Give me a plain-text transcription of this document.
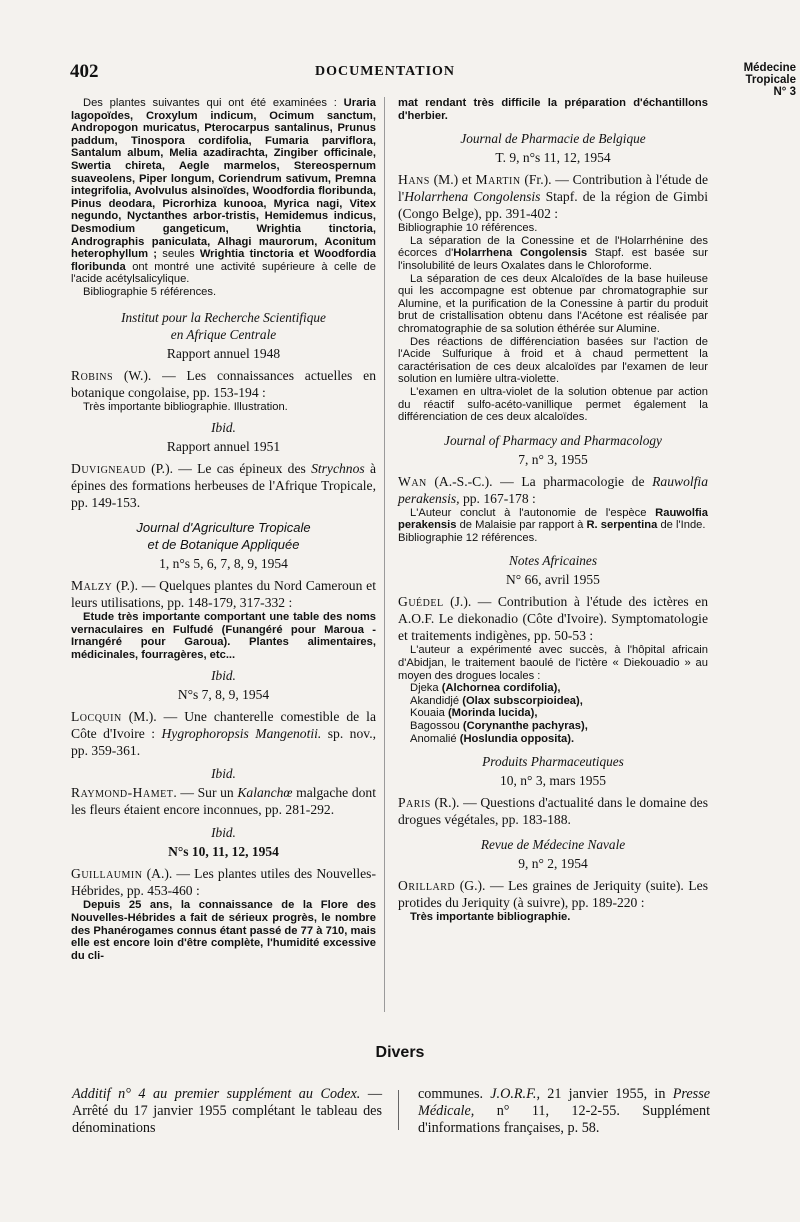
402	DOCUMENTATION	Médecine
Tropicale
N° 3

Des plantes suivantes qui ont été examinées : Uraria lagopoïdes, Croxylum indicum, Ocimum sanctum, Andropogon muricatus, Pterocarpus santalinus, Prunus paddum, Tinospora cordifolia, Fumaria parviflora, Santalum album, Melia azadirachta, Zingiber officinale, Swertia chireta, Aegle marmelos, Stereospernum suaveolens, Piper longum, Coriendrum sativum, Premna integrifolia, Avolvulus alsinoïdes, Woodfordia floribunda, Pinus deodara, Picrorhiza kunooa, Myrica nagi, Vitex negundo, Nyctanthes arbor-tristis, Hemidemus indicus, Desmodium gangeticum, Wrightia tinctoria, Andrographis paniculata, Alhagi maurorum, Aconitum heterophyllum ; seules Wrightia tinctoria et Woodfordia floribunda ont montré une activité supérieure à celle de l'acide acétylsalicylique.

Bibliographie 5 références.

Institut pour la Recherche Scientifique
en Afrique Centrale
Rapport annuel 1948

Robins (W.). — Les connaissances actuelles en botanique congolaise, pp. 153-194 :

Très importante bibliographie. Illustration.

Ibid.
Rapport annuel 1951

Duvigneaud (P.). — Le cas épineux des Strychnos à épines des formations herbeuses de l'Afrique Tropicale, pp. 149-153.

Journal d'Agriculture Tropicale
et de Botanique Appliquée
1, n°s 5, 6, 7, 8, 9, 1954

Malzy (P.). — Quelques plantes du Nord Cameroun et leurs utilisations, pp. 148-179, 317-332 :

Etude très importante comportant une table des noms vernaculaires en Fulfudé (Funangéré pour Maroua - Irnangéré pour Garoua). Plantes alimentaires, médicinales, fourragères, etc...

Ibid.
N°s 7, 8, 9, 1954

Locquin (M.). — Une chanterelle comestible de la Côte d'Ivoire : Hygrophoropsis Mangenotii. sp. nov., pp. 359-361.

Ibid.

Raymond-Hamet. — Sur un Kalanchœ malgache dont les fleurs étaient encore inconnues, pp. 281-292.

Ibid.
N°s 10, 11, 12, 1954

Guillaumin (A.). — Les plantes utiles des Nouvelles-Hébrides, pp. 453-460 :

Depuis 25 ans, la connaissance de la Flore des Nouvelles-Hébrides a fait de sérieux progrès, le nombre des Phanérogames connus étant passé de 77 à 710, mais elle est encore loin d'être complète, l'humidité excessive du cli-

mat rendant très difficile la préparation d'échantillons d'herbier.

Journal de Pharmacie de Belgique
T. 9, n°s 11, 12, 1954

Hans (M.) et Martin (Fr.). — Contribution à l'étude de l'Holarrhena Congolensis Stapf. de la région de Gimbi (Congo Belge), pp. 391-402 :

Bibliographie 10 références.

La séparation de la Conessine et de l'Holarrhénine des écorces d'Holarrhena Congolensis Stapf. est basée sur l'insolubilité de leurs Oxalates dans le Chloroforme.

La séparation de ces deux Alcaloïdes de la base huileuse qui les accompagne est obtenue par chromatographie sur Alumine, et la purification de la Conessine à partir du produit brut de cristallisation obtenu dans l'Acétone est réalisée par chromatographie de sa solution éthérée sur Alumine.

Des réactions de différenciation basées sur l'action de l'Acide Sulfurique à froid et à chaud permettent la caractérisation de ces deux alcaloïdes par l'examen de leur solution en lumière ultra-violette.

L'examen en ultra-violet de la solution obtenue par action du réactif sulfo-acéto-vanillique permet également la différenciation de ces deux alcaloïdes.

Journal of Pharmacy and Pharmacology
7, n° 3, 1955

Wan (A.-S.-C.). — La pharmacologie de Rauwolfia perakensis, pp. 167-178 :

L'Auteur conclut à l'autonomie de l'espèce Rauwolfia perakensis de Malaisie par rapport à R. serpentina de l'Inde.

Bibliographie 12 références.

Notes Africaines
N° 66, avril 1955

Guédel (J.). — Contribution à l'étude des ictères en A.O.F. Le diekonadio (Côte d'Ivoire). Symptomatologie et traitements indigènes, pp. 50-53 :

L'auteur a expérimenté avec succès, à l'hôpital africain d'Abidjan, le traitement baoulé de l'ictère « Diekouadio » au moyen des drogues locales :

Djeka (Alchornea cordifolia),
Akandidjé (Olax subscorpioidea),
Kouaia (Morinda lucida),
Bagossou (Corynanthe pachyras),
Anomalié (Hoslundia opposita).
Produits Pharmaceutiques
10, n° 3, mars 1955

Paris (R.). — Questions d'actualité dans le domaine des drogues végétales, pp. 183-188.

Revue de Médecine Navale
9, n° 2, 1954

Orillard (G.). — Les graines de Jeriquity (suite). Les protides du Jeriquity (à suivre), pp. 189-220 :

Très importante bibliographie.

Divers

Additif n° 4 au premier supplément au Codex. — Arrêté du 17 janvier 1955 complétant le tableau des dénominations

communes. J.O.R.F., 21 janvier 1955, in Presse Médicale, n° 11, 12-2-55. Supplément d'informations françaises, p. 58.
